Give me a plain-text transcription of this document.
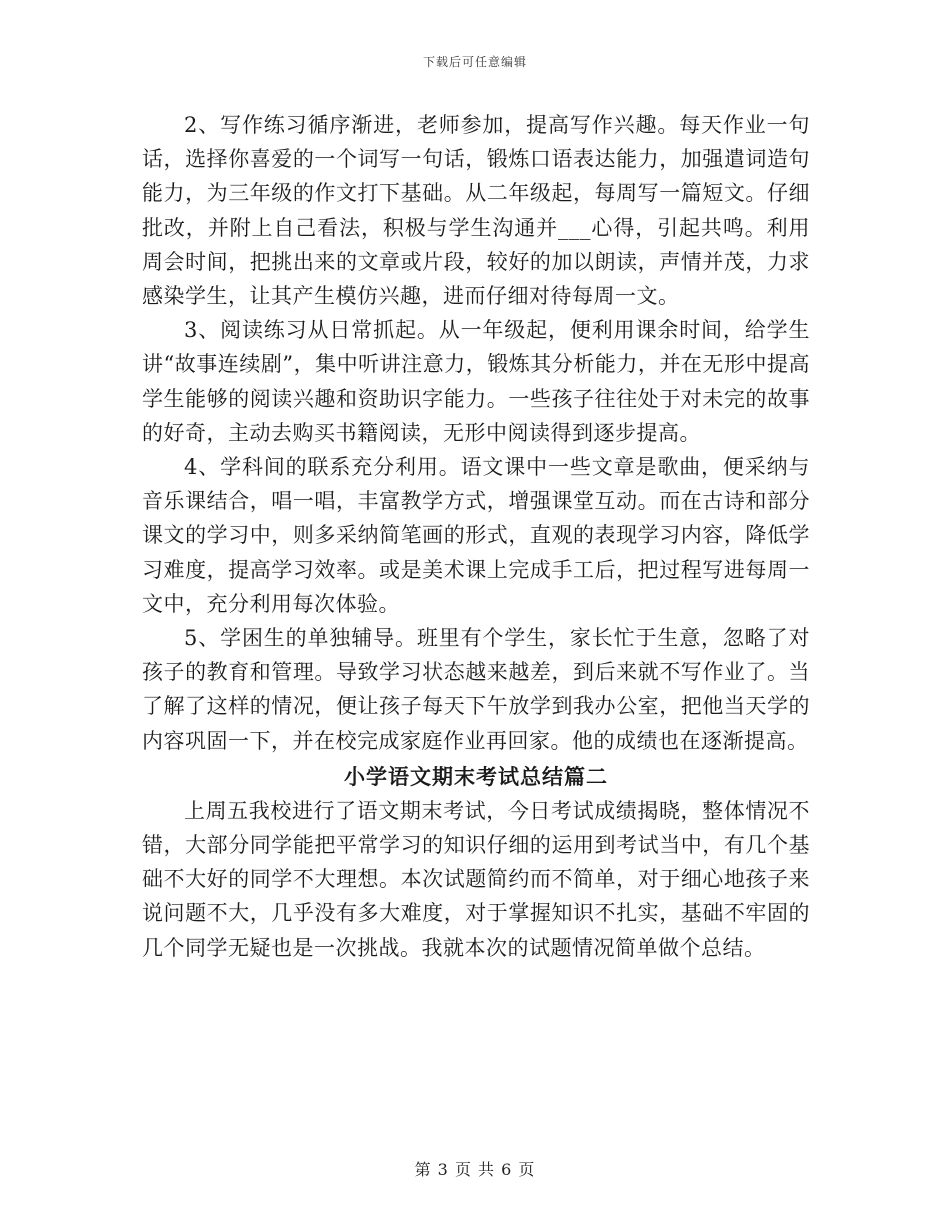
下载后可任意编辑

2、写作练习循序渐进，老师参加，提高写作兴趣。每天作业一句话，选择你喜爱的一个词写一句话，锻炼口语表达能力，加强遣词造句能力，为三年级的作文打下基础。从二年级起，每周写一篇短文。仔细批改，并附上自己看法，积极与学生沟通并___心得，引起共鸣。利用周会时间，把挑出来的文章或片段，较好的加以朗读，声情并茂，力求感染学生，让其产生模仿兴趣，进而仔细对待每周一文。

3、阅读练习从日常抓起。从一年级起，便利用课余时间，给学生讲“故事连续剧”，集中听讲注意力，锻炼其分析能力，并在无形中提高学生能够的阅读兴趣和资助识字能力。一些孩子往往处于对未完的故事的好奇，主动去购买书籍阅读，无形中阅读得到逐步提高。

4、学科间的联系充分利用。语文课中一些文章是歌曲，便采纳与音乐课结合，唱一唱，丰富教学方式，增强课堂互动。而在古诗和部分课文的学习中，则多采纳简笔画的形式，直观的表现学习内容，降低学习难度，提高学习效率。或是美术课上完成手工后，把过程写进每周一文中，充分利用每次体验。

5、学困生的单独辅导。班里有个学生，家长忙于生意，忽略了对孩子的教育和管理。导致学习状态越来越差，到后来就不写作业了。当了解了这样的情况，便让孩子每天下午放学到我办公室，把他当天学的内容巩固一下，并在校完成家庭作业再回家。他的成绩也在逐渐提高。

小学语文期末考试总结篇二

上周五我校进行了语文期末考试，今日考试成绩揭晓，整体情况不错，大部分同学能把平常学习的知识仔细的运用到考试当中，有几个基础不大好的同学不大理想。本次试题简约而不简单，对于细心地孩子来说问题不大，几乎没有多大难度，对于掌握知识不扎实，基础不牢固的几个同学无疑也是一次挑战。我就本次的试题情况简单做个总结。

第 3 页 共 6 页
